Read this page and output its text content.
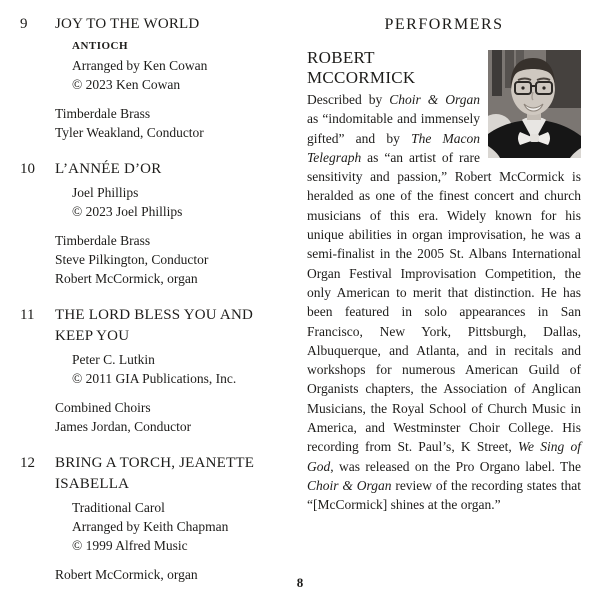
9	JOY TO THE WORLD
ANTIOCH
Arranged by Ken Cowan
© 2023 Ken Cowan
Timberdale Brass
Tyler Weakland, Conductor
10	L’ANNÉE D’OR
Joel Phillips
© 2023 Joel Phillips
Timberdale Brass
Steve Pilkington, Conductor
Robert McCormick, organ
11	THE LORD BLESS YOU AND KEEP YOU
Peter C. Lutkin
© 2011 GIA Publications, Inc.
Combined Choirs
James Jordan, Conductor
12	BRING A TORCH, JEANETTE ISABELLA
Traditional Carol
Arranged by Keith Chapman
© 1999 Alfred Music
Robert McCormick, organ
PERFORMERS
ROBERT MCCORMICK

Described by Choir & Organ as “indomitable and immensely gifted” and by The Macon Telegraph as “an artist of rare sensitivity and passion,” Robert McCormick is heralded as one of the finest concert and church musicians of this era. Widely known for his unique abilities in organ improvisation, he was a semi-finalist in the 2005 St. Albans International Organ Festival Improvisation Competition, the only American to merit that distinction. He has been featured in solo appearances in San Francisco, New York, Pittsburgh, Dallas, Albuquerque, and Atlanta, and in recitals and workshops for numerous American Guild of Organists chapters, the Association of Anglican Musicians, the Royal School of Church Music in America, and Westminster Choir College. His recording from St. Paul’s, K Street, We Sing of God, was released on the Pro Organo label. The Choir & Organ review of the recording states that “[McCormick] shines at the organ.”

8
